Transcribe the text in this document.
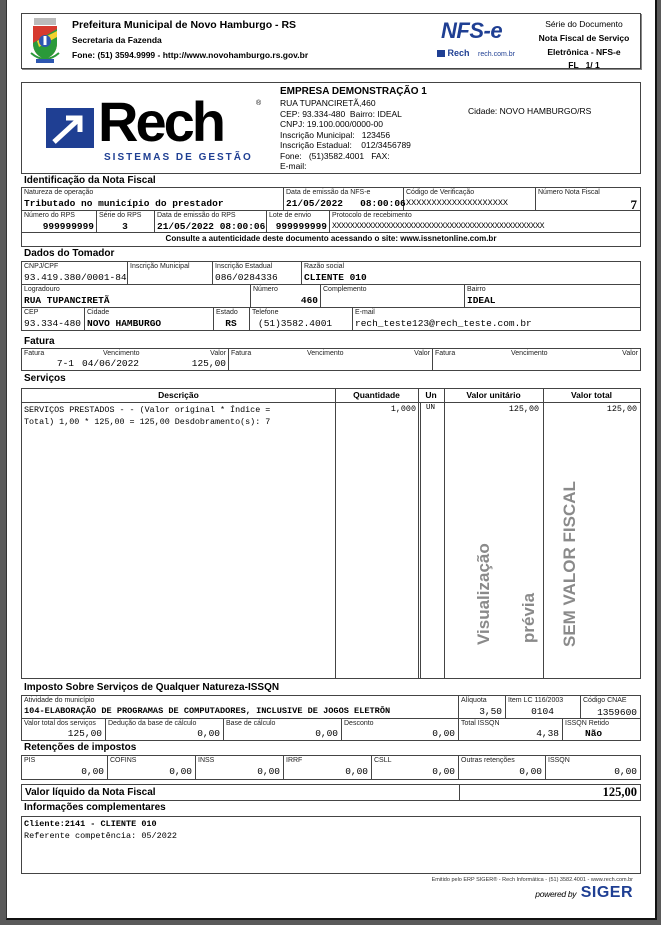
Prefeitura Municipal de Novo Hamburgo - RS
Secretaria da Fazenda
Fone: (51) 3594.9999 - http://www.novohamburgo.rs.gov.br
NFS-e
Rech rech.com.br
Série do Documento
Nota Fiscal de Serviço
Eletrônica - NFS-e
FL   1/ 1
Rech
SISTEMAS DE GESTÃO
®
EMPRESA DEMONSTRAÇÃO 1
RUA TUPANCIRETÃ,460
CEP: 93.334-480  Bairro: IDEAL
CNPJ: 19.100.000/0000-00
Inscrição Municipal:   123456
Inscrição Estadual:    012/3456789
Fone:   (51)3582.4001   FAX:
E-mail:
Cidade: NOVO HAMBURGO/RS
Identificação da Nota Fiscal
Natureza de operação
Tributado no município do prestador
Data de emissão da NFS-e
21/05/2022   08:00:06
Código de Verificação
XXXXXXXXXXXXXXXXXXXX
Número Nota Fiscal
7
Número do RPS
999999999
Série do RPS
3
Data de emissão do RPS
21/05/2022 08:00:06
Lote de envio
999999999
Protocolo de recebimento
XXXXXXXXXXXXXXXXXXXXXXXXXXXXXXXXXXXXXXXXXXXXXXX
Consulte a autenticidade deste documento acessando o site: www.issnetonline.com.br
Dados do Tomador
CNPJ/CPF
93.419.380/0001-84
Inscrição Municipal	Inscrição Estadual
086/0284336
Razão social
CLIENTE 010
Logradouro
RUA TUPANCIRETÃ
Número
460
Complemento	Bairro
IDEAL
CEP
93.334-480
Cidade
NOVO HAMBURGO
Estado
RS
Telefone
(51)3582.4001
E-mail
rech_teste123@rech_teste.com.br
Fatura
Fatura	Vencimento	Valor
7-1 04/06/2022	125,00
Fatura	Vencimento	Valor Fatura	Vencimento	Valor
Serviços
Descrição	Quantidade	Un	Valor unitário	Valor total
SERVIÇOS PRESTADOS - - (Valor original * Índice =
Total) 1,00 * 125,00 = 125,00 Desdobramento(s): 7
1,000 UN	125,00	125,00
Visualização prévia SEM VALOR FISCAL
Imposto Sobre Serviços de Qualquer Natureza-ISSQN
Atividade do município
104-ELABORAÇÃO DE PROGRAMAS DE COMPUTADORES, INCLUSIVE DE JOGOS ELETRÔN
Alíquota
3,50
Item LC 116/2003
0104
Código CNAE
1359600
Valor total dos serviços
125,00
Dedução da base de cálculo
0,00
Base de cálculo
0,00
Desconto
0,00
Total ISSQN
4,38
ISSQN Retido
Não
Retenções de impostos
PIS
0,00
COFINS
0,00
INSS
0,00
IRRF
0,00
CSLL
0,00
Outras retenções
0,00
ISSQN
0,00
Valor líquido da Nota Fiscal	125,00
Informações complementares
Cliente:2141 - CLIENTE 010
Referente competência: 05/2022
Emitido pelo ERP SIGER® - Rech Informática - (51) 3582.4001 - www.rech.com.br
powered by SIGER
